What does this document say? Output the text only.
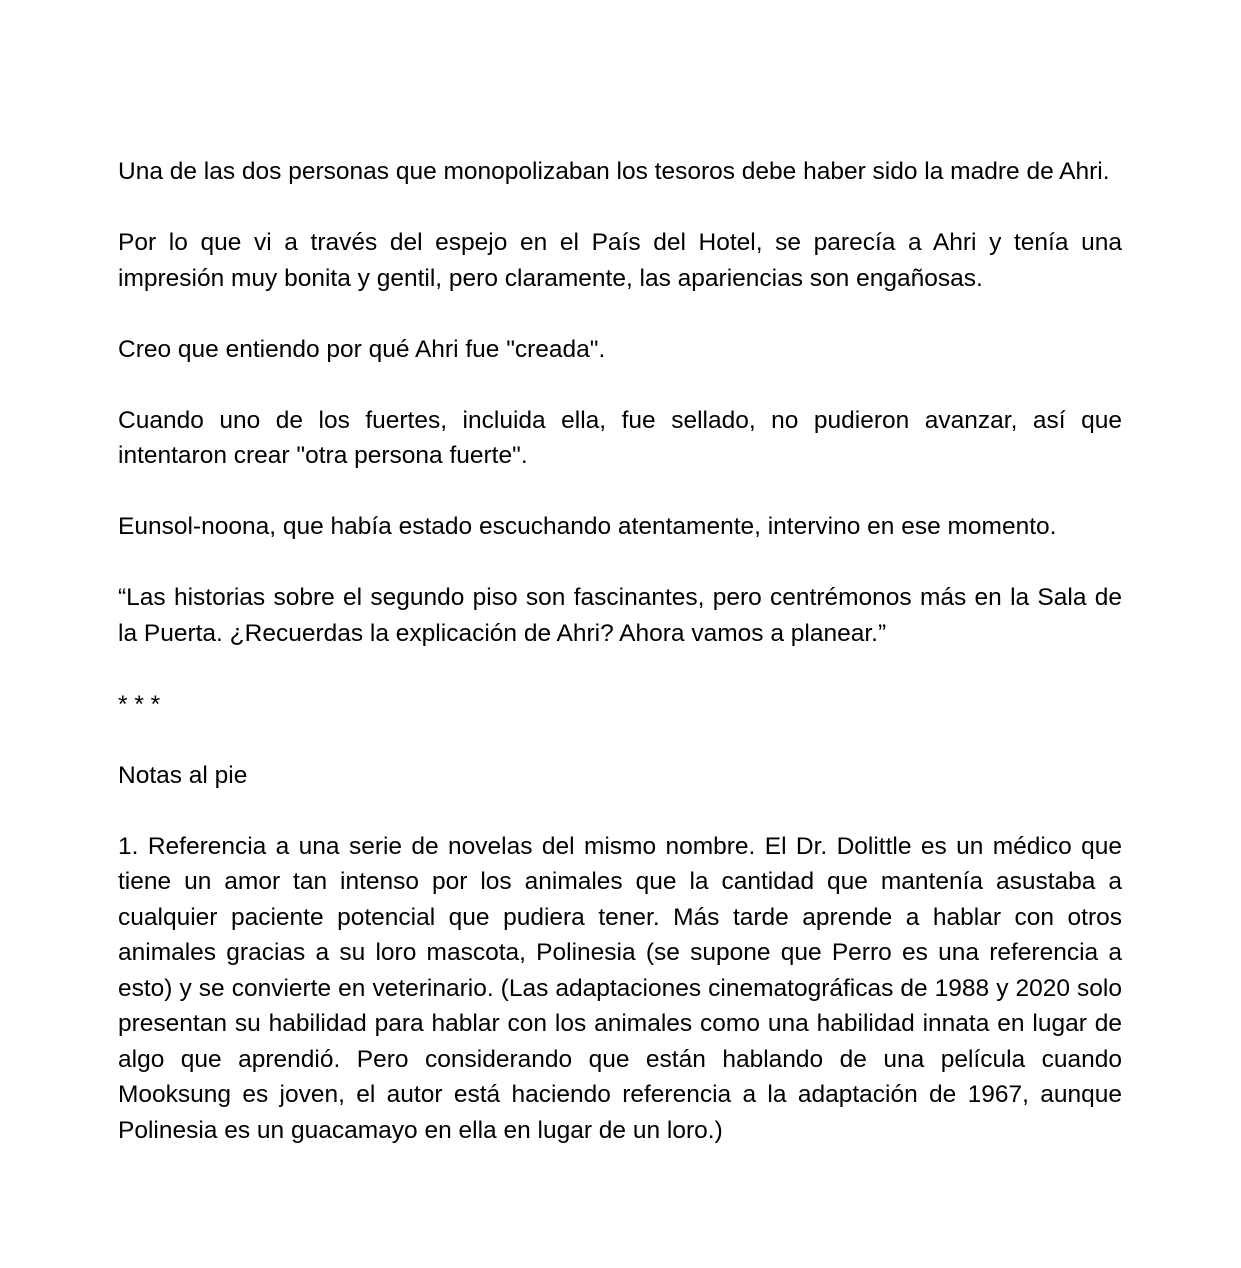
Una de las dos personas que monopolizaban los tesoros debe haber sido la madre de Ahri.

Por lo que vi a través del espejo en el País del Hotel, se parecía a Ahri y tenía una impresión muy bonita y gentil, pero claramente, las apariencias son engañosas.

Creo que entiendo por qué Ahri fue "creada".

Cuando uno de los fuertes, incluida ella, fue sellado, no pudieron avanzar, así que intentaron crear "otra persona fuerte".

Eunsol-noona, que había estado escuchando atentamente, intervino en ese momento.

“Las historias sobre el segundo piso son fascinantes, pero centrémonos más en la Sala de la Puerta. ¿Recuerdas la explicación de Ahri? Ahora vamos a planear.”

* * *

Notas al pie

1. Referencia a una serie de novelas del mismo nombre. El Dr. Dolittle es un médico que tiene un amor tan intenso por los animales que la cantidad que mantenía asustaba a cualquier paciente potencial que pudiera tener. Más tarde aprende a hablar con otros animales gracias a su loro mascota, Polinesia (se supone que Perro es una referencia a esto) y se convierte en veterinario. (Las adaptaciones cinematográficas de 1988 y 2020 solo presentan su habilidad para hablar con los animales como una habilidad innata en lugar de algo que aprendió. Pero considerando que están hablando de una película cuando Mooksung es joven, el autor está haciendo referencia a la adaptación de 1967, aunque Polinesia es un guacamayo en ella en lugar de un loro.)
